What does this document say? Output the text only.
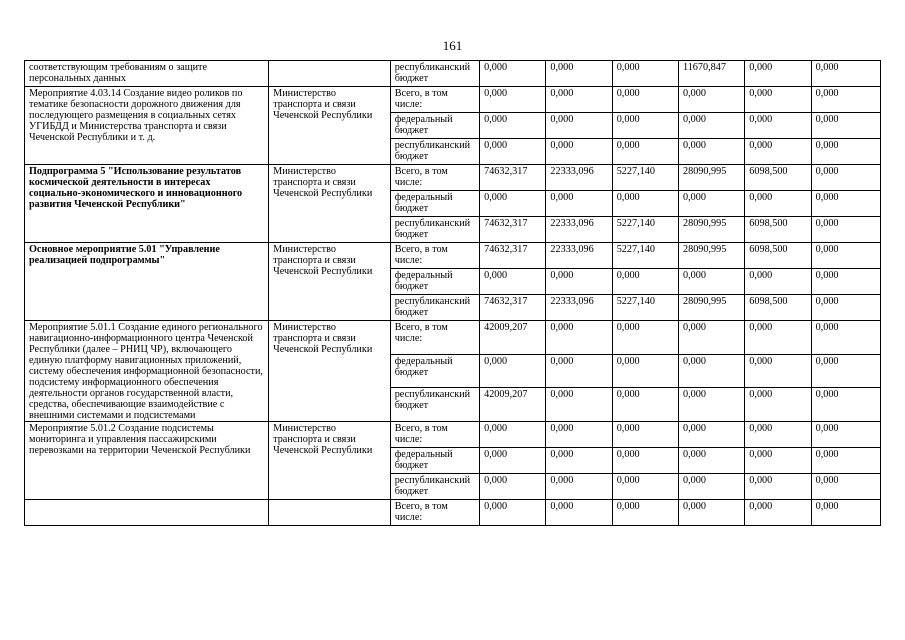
161
соответствующим требованиям о защите персональных данных		республиканский бюджет	0,000	0,000	0,000	11670,847	0,000	0,000
Мероприятие 4.03.14 Создание видео роликов по тематике безопасности дорожного движения для последующего размещения в социальных сетях УГИБДД и Министерства транспорта и связи Чеченской Республики и т. д.	Министерство транспорта и связи Чеченской Республики	Всего, в том числе:	0,000	0,000	0,000	0,000	0,000	0,000
		федеральный бюджет	0,000	0,000	0,000	0,000	0,000	0,000
		республиканский бюджет	0,000	0,000	0,000	0,000	0,000	0,000
Подпрограмма 5 "Использование результатов космической деятельности в интересах социально-экономического и инновационного развития Чеченской Республики"	Министерство транспорта и связи Чеченской Республики	Всего, в том числе:	74632,317	22333,096	5227,140	28090,995	6098,500	0,000
		федеральный бюджет	0,000	0,000	0,000	0,000	0,000	0,000
		республиканский бюджет	74632,317	22333,096	5227,140	28090,995	6098,500	0,000
Основное мероприятие 5.01 "Управление реализацией подпрограммы"	Министерство транспорта и связи Чеченской Республики	Всего, в том числе:	74632,317	22333,096	5227,140	28090,995	6098,500	0,000
		федеральный бюджет	0,000	0,000	0,000	0,000	0,000	0,000
		республиканский бюджет	74632,317	22333,096	5227,140	28090,995	6098,500	0,000
Мероприятие 5.01.1 Создание единого регионального навигационно-информационного центра Чеченской Республики (далее – РНИЦ ЧР), включающего единую платформу навигационных приложений, систему обеспечения информационной безопасности, подсистему информационного обеспечения деятельности органов государственной власти, средства, обеспечивающие взаимодействие с внешними системами и подсистемами	Министерство транспорта и связи Чеченской Республики	Всего, в том числе:	42009,207	0,000	0,000	0,000	0,000	0,000
		федеральный бюджет	0,000	0,000	0,000	0,000	0,000	0,000
		республиканский бюджет	42009,207	0,000	0,000	0,000	0,000	0,000
Мероприятие 5.01.2 Создание подсистемы мониторинга и управления пассажирскими перевозками на территории Чеченской Республики	Министерство транспорта и связи Чеченской Республики	Всего, в том числе:	0,000	0,000	0,000	0,000	0,000	0,000
		федеральный бюджет	0,000	0,000	0,000	0,000	0,000	0,000
		республиканский бюджет	0,000	0,000	0,000	0,000	0,000	0,000
		Всего, в том числе:	0,000	0,000	0,000	0,000	0,000	0,000
